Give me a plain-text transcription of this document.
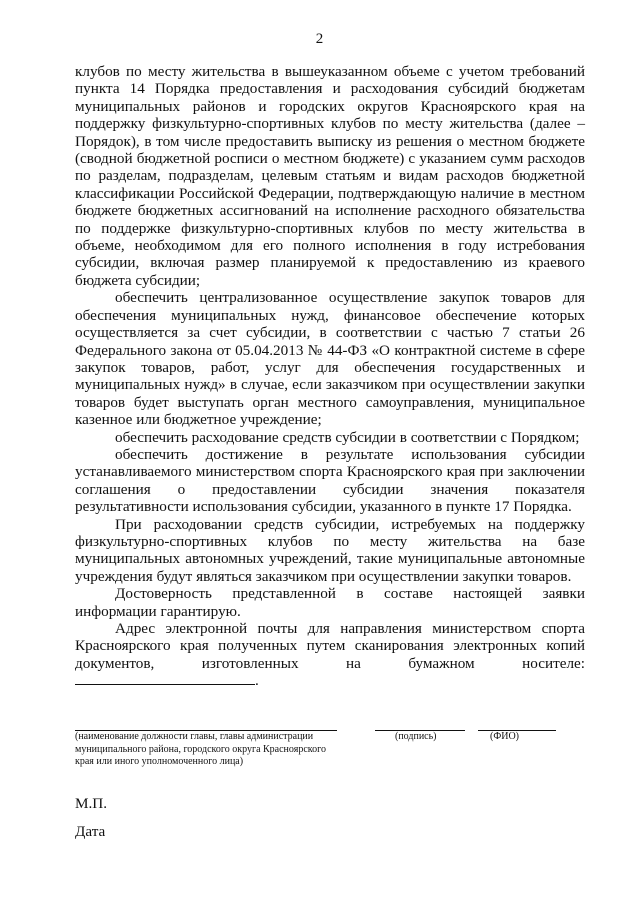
2

клубов по месту жительства в вышеуказанном объеме с учетом требований пункта 14 Порядка предоставления и расходования субсидий бюджетам муниципальных районов и городских округов Красноярского края на поддержку физкультурно-спортивных клубов по месту жительства (далее – Порядок), в том числе предоставить выписку из решения о местном бюджете (сводной бюджетной росписи о местном бюджете) с указанием сумм расходов по разделам, подразделам, целевым статьям и видам расходов бюджетной классификации Российской Федерации, подтверждающую наличие в местном бюджете бюджетных ассигнований на исполнение расходного обязательства по поддержке физкультурно-спортивных клубов по месту жительства в объеме, необходимом для его полного исполнения в году истребования субсидии, включая размер планируемой к предоставлению из краевого бюджета субсидии;

обеспечить централизованное осуществление закупок товаров для обеспечения муниципальных нужд, финансовое обеспечение которых осуществляется за счет субсидии, в соответствии с частью 7 статьи 26 Федерального закона от 05.04.2013 № 44-ФЗ «О контрактной системе в сфере закупок товаров, работ, услуг для обеспечения государственных и муниципальных нужд» в случае, если заказчиком при осуществлении закупки товаров будет выступать орган местного самоуправления, муниципальное казенное или бюджетное учреждение;

обеспечить расходование средств субсидии в соответствии с Порядком;

обеспечить достижение в результате использования субсидии устанавливаемого министерством спорта Красноярского края при заключении соглашения о предоставлении субсидии значения показателя результативности использования субсидии, указанного в пункте 17 Порядка.

При расходовании средств субсидии, истребуемых на поддержку физкультурно-спортивных клубов по месту жительства на базе муниципальных автономных учреждений, такие муниципальные автономные учреждения будут являться заказчиком при осуществлении закупки товаров.

Достоверность представленной в составе настоящей заявки информации гарантирую.

Адрес электронной почты для направления министерством спорта Красноярского края полученных путем сканирования электронных копий документов, изготовленных на бумажном носителе: .

(наименование должности главы, главы администрации муниципального района, городского округа Красноярского края или иного уполномоченного лица)
(подпись)	(ФИО)
М.П.
Дата
